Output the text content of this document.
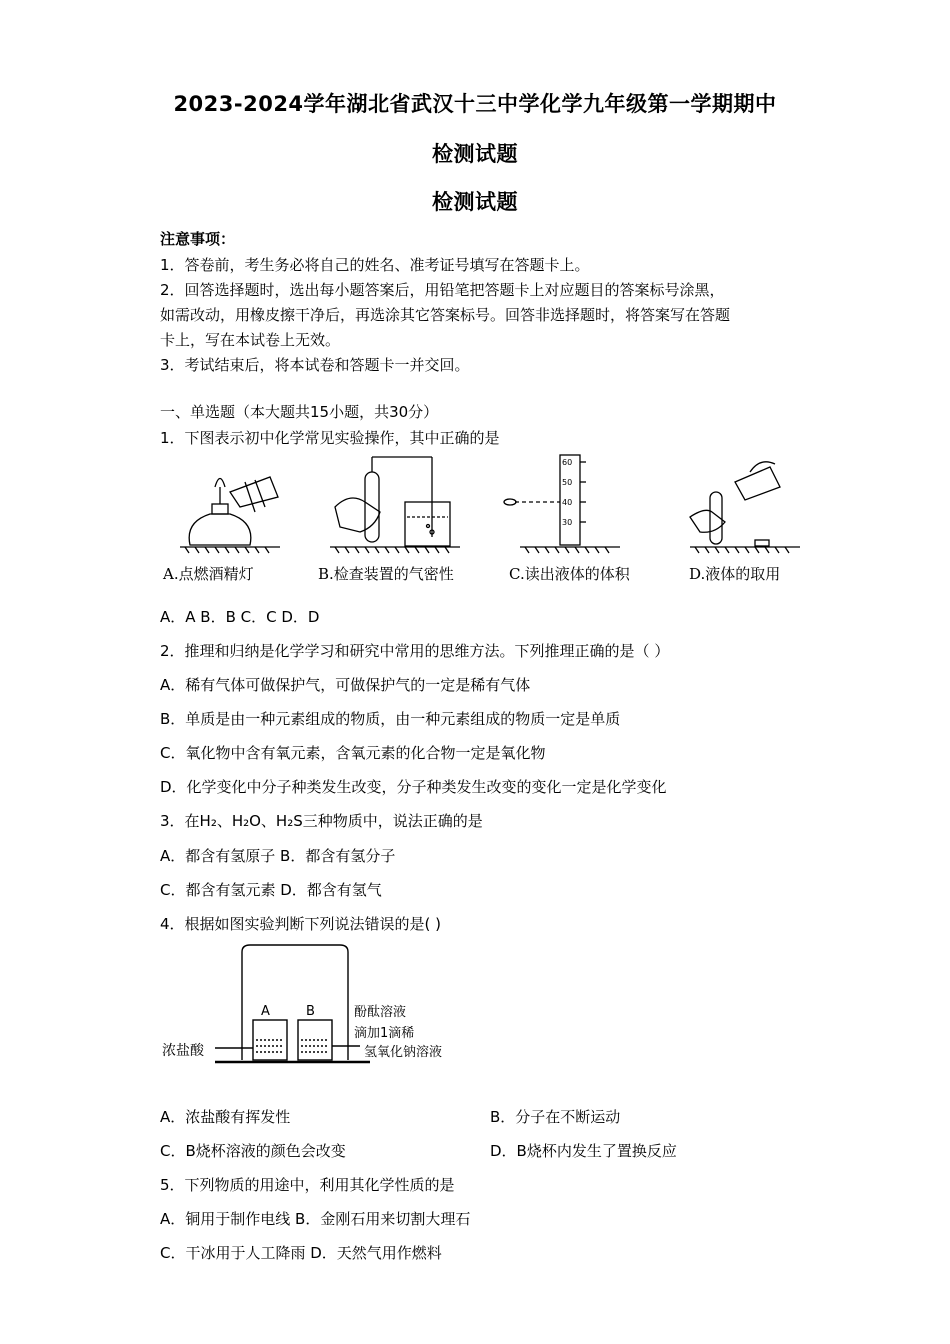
2023-2024学年湖北省武汉十三中学化学九年级第一学期期中
检测试题
检测试题
注意事项：
1．答卷前，考生务必将自己的姓名、准考证号填写在答题卡上。
2．回答选择题时，选出每小题答案后，用铅笔把答题卡上对应题目的答案标号涂黑，
如需改动，用橡皮擦干净后，再选涂其它答案标号。回答非选择题时，将答案写在答题
卡上，写在本试卷上无效。
3．考试结束后，将本试卷和答题卡一并交回。
一、单选题（本大题共15小题，共30分）
1．下图表示初中化学常见实验操作，其中正确的是
60
50
40
30
A.点燃酒精灯	B.检查装置的气密性	C.读出液体的体积	D.液体的取用
A．A B．B C．C D．D
2．推理和归纳是化学学习和研究中常用的思维方法。下列推理正确的是（ ）
A．稀有气体可做保护气，可做保护气的一定是稀有气体
B．单质是由一种元素组成的物质，由一种元素组成的物质一定是单质
C．氧化物中含有氧元素，含氧元素的化合物一定是氧化物
D．化学变化中分子种类发生改变，分子种类发生改变的变化一定是化学变化
3．在H₂、H₂O、H₂S三种物质中，说法正确的是
A．都含有氢原子 B．都含有氢分子
C．都含有氢元素 D．都含有氢气
4．根据如图实验判断下列说法错误的是( )
A	B
浓盐酸
酚酞溶液
滴加1滴稀
氢氧化钠溶液
A．浓盐酸有挥发性	B．分子在不断运动
C．B烧杯溶液的颜色会改变	D．B烧杯内发生了置换反应
5．下列物质的用途中，利用其化学性质的是
A．铜用于制作电线 B．金刚石用来切割大理石
C．干冰用于人工降雨 D．天然气用作燃料
